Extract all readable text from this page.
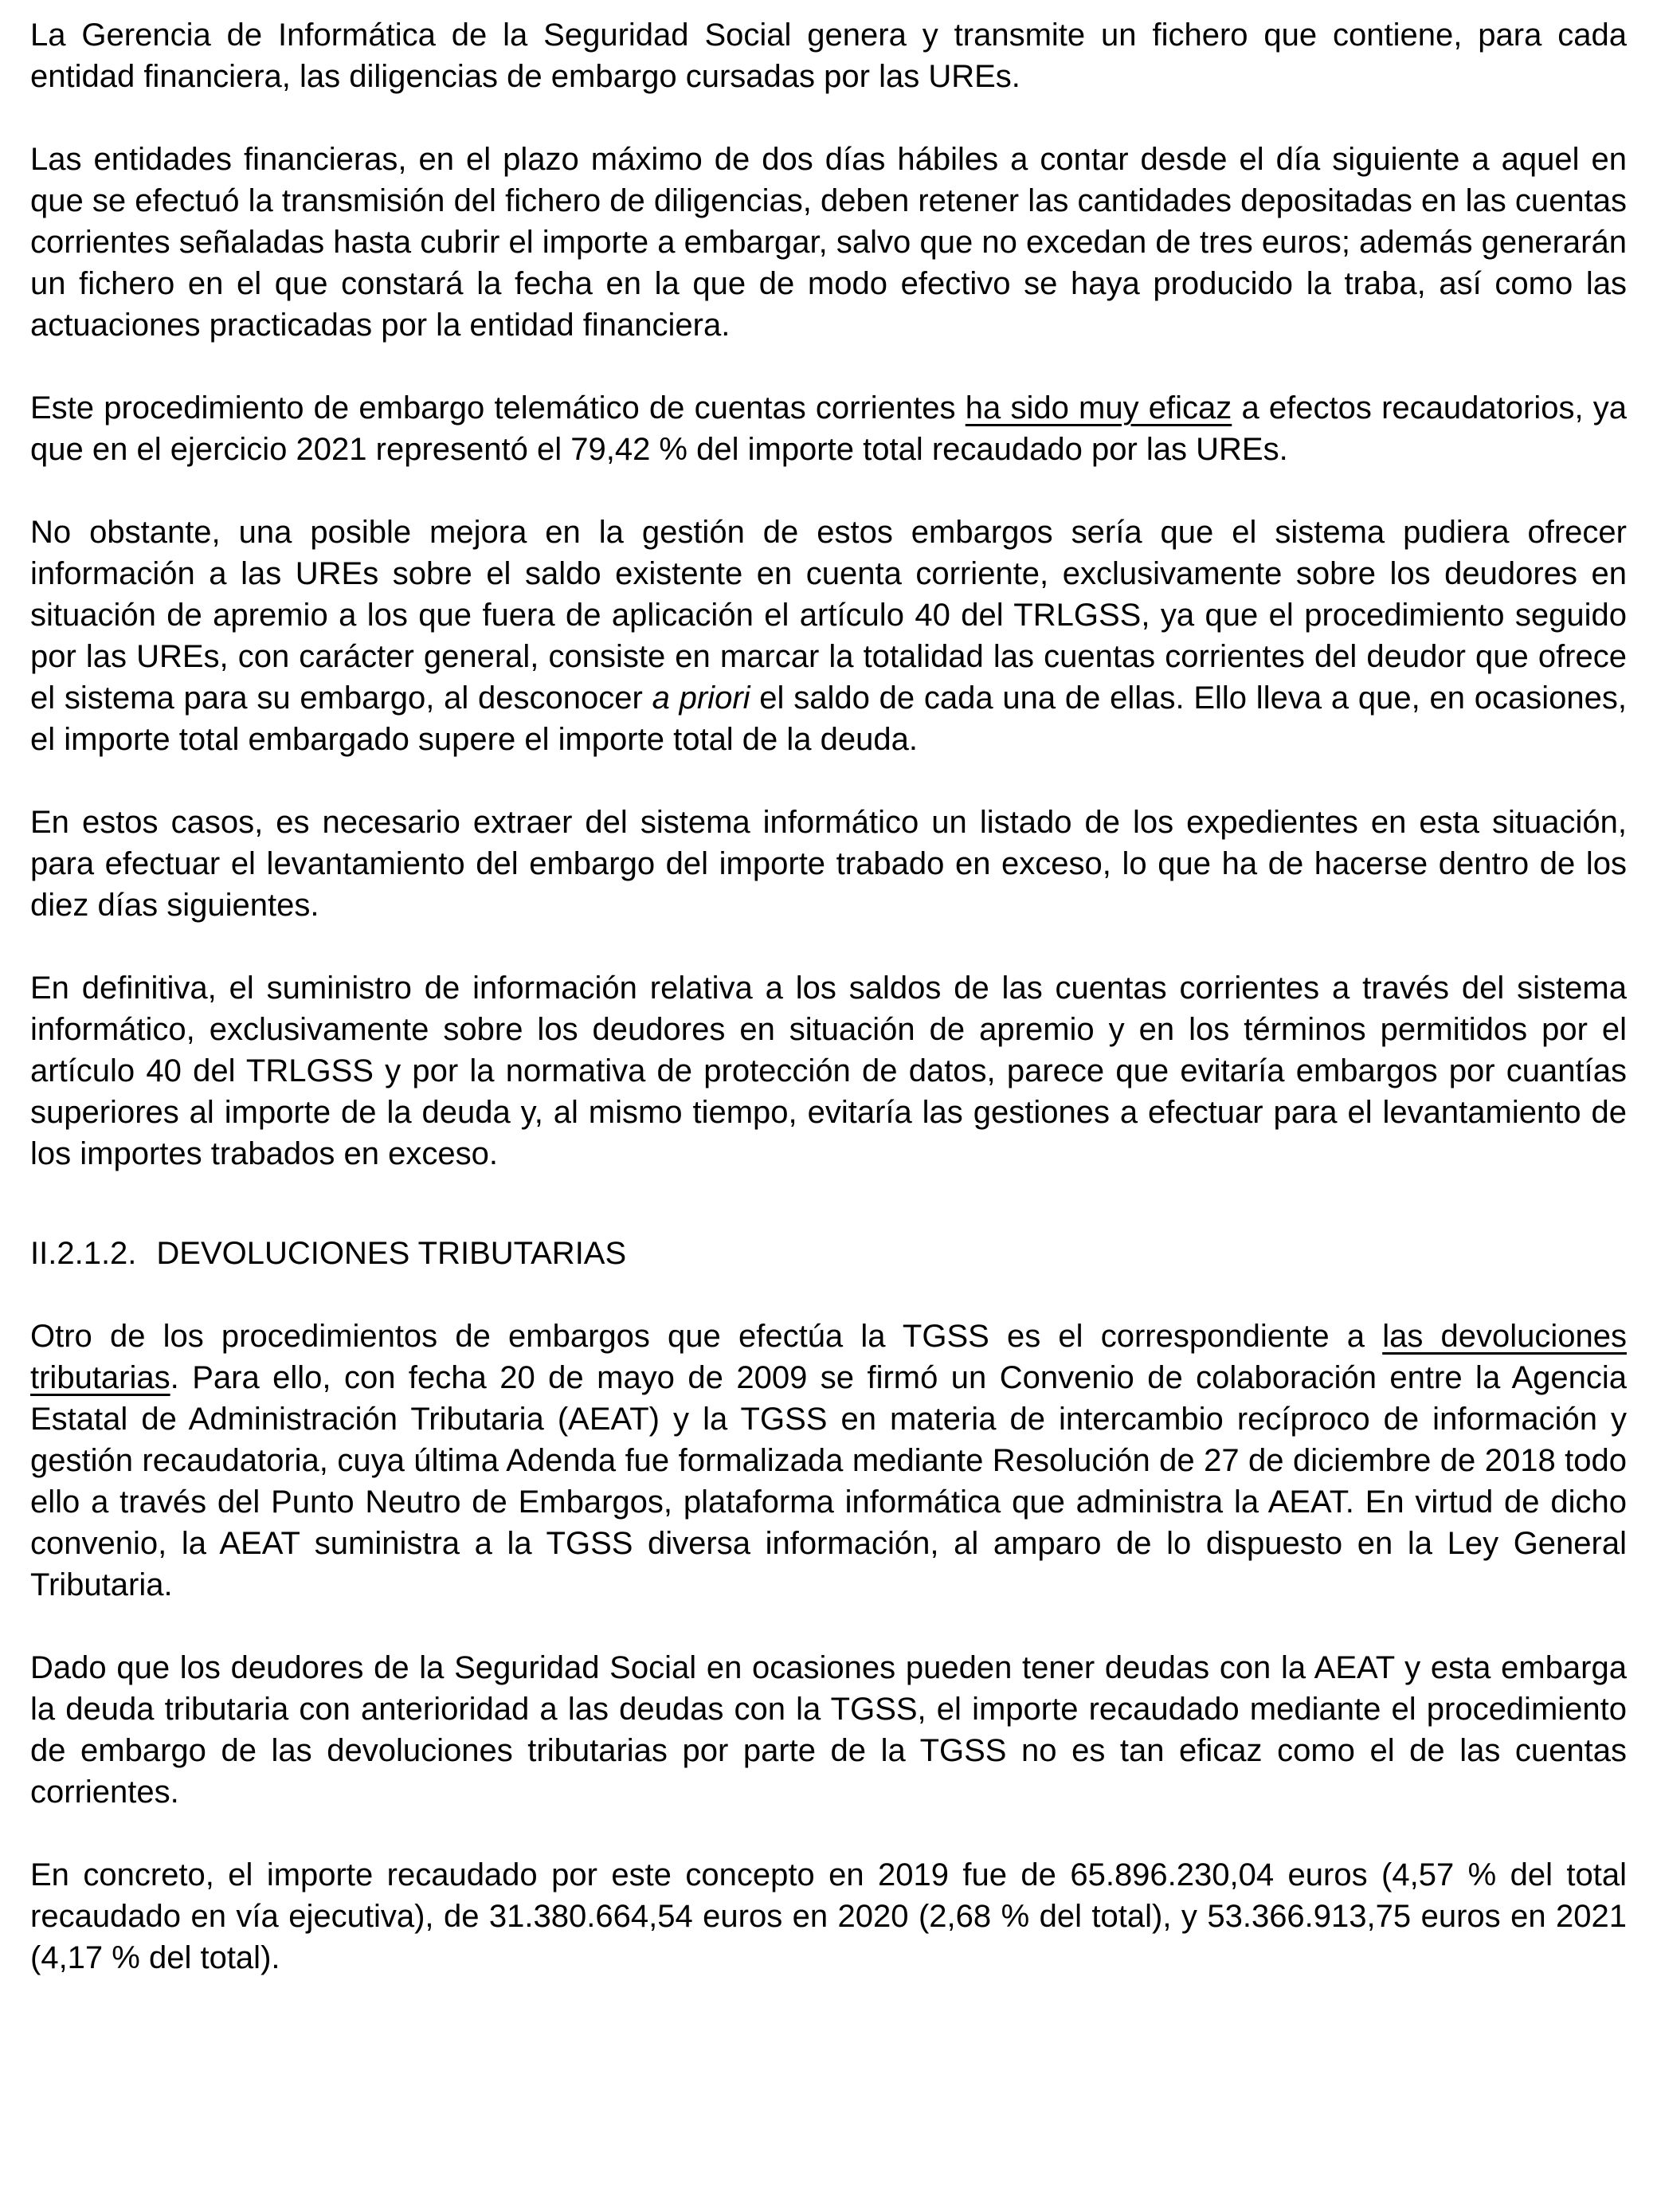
La Gerencia de Informática de la Seguridad Social genera y transmite un fichero que contiene, para cada entidad financiera, las diligencias de embargo cursadas por las UREs.

Las entidades financieras, en el plazo máximo de dos días hábiles a contar desde el día siguiente a aquel en que se efectuó la transmisión del fichero de diligencias, deben retener las cantidades depositadas en las cuentas corrientes señaladas hasta cubrir el importe a embargar, salvo que no excedan de tres euros; además generarán un fichero en el que constará la fecha en la que de modo efectivo se haya producido la traba, así como las actuaciones practicadas por la entidad financiera.

Este procedimiento de embargo telemático de cuentas corrientes ha sido muy eficaz a efectos recaudatorios, ya que en el ejercicio 2021 representó el 79,42 % del importe total recaudado por las UREs.

No obstante, una posible mejora en la gestión de estos embargos sería que el sistema pudiera ofrecer información a las UREs sobre el saldo existente en cuenta corriente, exclusivamente sobre los deudores en situación de apremio a los que fuera de aplicación el artículo 40 del TRLGSS, ya que el procedimiento seguido por las UREs, con carácter general, consiste en marcar la totalidad las cuentas corrientes del deudor que ofrece el sistema para su embargo, al desconocer a priori el saldo de cada una de ellas. Ello lleva a que, en ocasiones, el importe total embargado supere el importe total de la deuda.

En estos casos, es necesario extraer del sistema informático un listado de los expedientes en esta situación, para efectuar el levantamiento del embargo del importe trabado en exceso, lo que ha de hacerse dentro de los diez días siguientes.

En definitiva, el suministro de información relativa a los saldos de las cuentas corrientes a través del sistema informático, exclusivamente sobre los deudores en situación de apremio y en los términos permitidos por el artículo 40 del TRLGSS y por la normativa de protección de datos, parece que evitaría embargos por cuantías superiores al importe de la deuda y, al mismo tiempo, evitaría las gestiones a efectuar para el levantamiento de los importes trabados en exceso.

II.2.1.2. DEVOLUCIONES TRIBUTARIAS

Otro de los procedimientos de embargos que efectúa la TGSS es el correspondiente a las devoluciones tributarias. Para ello, con fecha 20 de mayo de 2009 se firmó un Convenio de colaboración entre la Agencia Estatal de Administración Tributaria (AEAT) y la TGSS en materia de intercambio recíproco de información y gestión recaudatoria, cuya última Adenda fue formalizada mediante Resolución de 27 de diciembre de 2018 todo ello a través del Punto Neutro de Embargos, plataforma informática que administra la AEAT. En virtud de dicho convenio, la AEAT suministra a la TGSS diversa información, al amparo de lo dispuesto en la Ley General Tributaria.

Dado que los deudores de la Seguridad Social en ocasiones pueden tener deudas con la AEAT y esta embarga la deuda tributaria con anterioridad a las deudas con la TGSS, el importe recaudado mediante el procedimiento de embargo de las devoluciones tributarias por parte de la TGSS no es tan eficaz como el de las cuentas corrientes.

En concreto, el importe recaudado por este concepto en 2019 fue de 65.896.230,04 euros (4,57 % del total recaudado en vía ejecutiva), de 31.380.664,54 euros en 2020 (2,68 % del total), y 53.366.913,75 euros en 2021 (4,17 % del total).
